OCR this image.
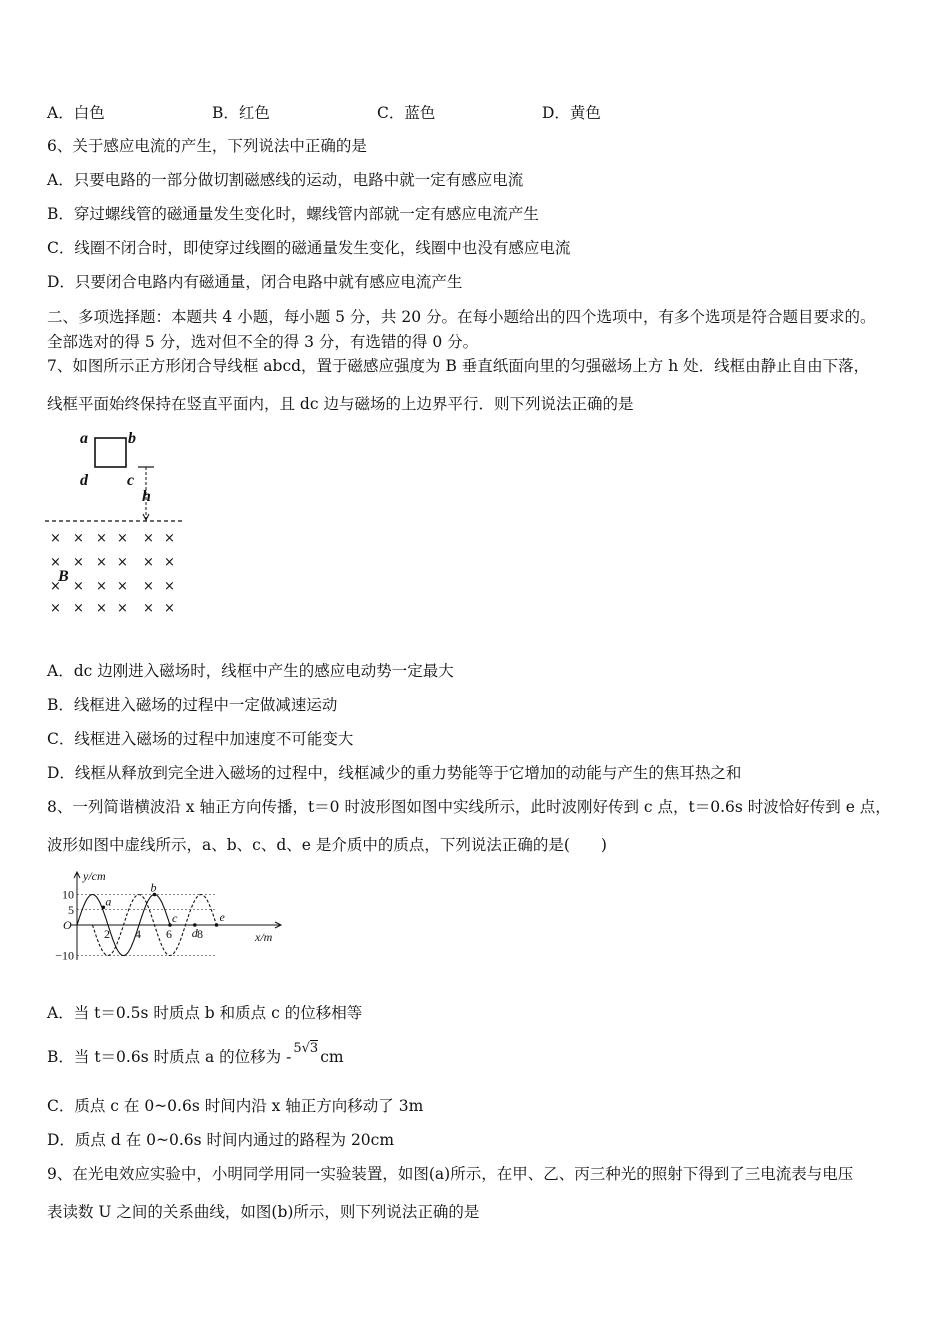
A．白色	B．红色	C．蓝色	D．黄色
6、关于感应电流的产生，下列说法中正确的是
A．只要电路的一部分做切割磁感线的运动，电路中就一定有感应电流
B．穿过螺线管的磁通量发生变化时，螺线管内部就一定有感应电流产生
C．线圈不闭合时，即使穿过线圈的磁通量发生变化，线圈中也没有感应电流
D．只要闭合电路内有磁通量，闭合电路中就有感应电流产生
二、多项选择题：本题共 4 小题，每小题 5 分，共 20 分。在每小题给出的四个选项中，有多个选项是符合题目要求的。
全部选对的得 5 分，选对但不全的得 3 分，有选错的得 0 分。
7、如图所示正方形闭合导线框 abcd，置于磁感应强度为 B 垂直纸面向里的匀强磁场上方 h 处．线框由静止自由下落，
线框平面始终保持在竖直平面内，且 dc 边与磁场的上边界平行．则下列说法正确的是
a	b
d c
h
B
× × × × × ×
× × × × × ×
× × × × × ×
× × × × × ×
A．dc 边刚进入磁场时，线框中产生的感应电动势一定最大
B．线框进入磁场的过程中一定做减速运动
C．线框进入磁场的过程中加速度不可能变大
D．线框从释放到完全进入磁场的过程中，线框减少的重力势能等于它增加的动能与产生的焦耳热之和
8、一列简谐横波沿 x 轴正方向传播，t＝0 时波形图如图中实线所示，此时波刚好传到 c 点，t＝0.6s 时波恰好传到 e 点，
波形如图中虚线所示，a、b、c、d、e 是介质中的质点，下列说法正确的是(　　)
y/cm
x/m
O
10
5
−10
2 4 6 8
a
b
c
d
e
A．当 t＝0.5s 时质点 b 和质点 c 的位移相等
B．当 t＝0.6s 时质点 a 的位移为 - 5√3 cm
C．质点 c 在 0~0.6s 时间内沿 x 轴正方向移动了 3m
D．质点 d 在 0~0.6s 时间内通过的路程为 20cm
9、在光电效应实验中，小明同学用同一实验装置，如图(a)所示，在甲、乙、丙三种光的照射下得到了三电流表与电压
表读数 U 之间的关系曲线，如图(b)所示，则下列说法正确的是
